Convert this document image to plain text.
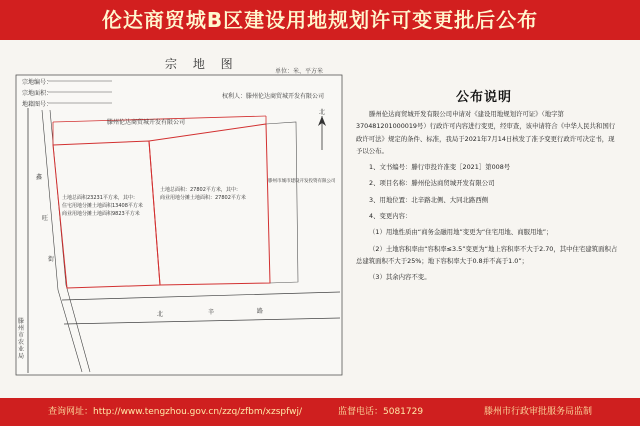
伦达商贸城B区建设用地规划许可变更批后公布
宗 地 图
单位：米、平方米
宗地编号：
宗地面积：
地籍图号：
权利人：滕州伦达商贸城开发有限公司
滕州伦达商贸城开发有限公司
鑫
旺
街
北
北	辛	路
土地总面积23231平方米，其中：
住宅用地分摊土地面积13408平方米
商业用地分摊土地面积9823平方米
土地总面积：27802平方米，其中：
商业用地分摊土地面积：27802平方米
滕州市城市建设开发投资有限公司
滕州市农业局
公布说明

滕州伦达商贸城开发有限公司申请对《建设用地规划许可证》（地字第370481201000019号）行政许可内容进行变更，经审查，该申请符合《中华人民共和国行政许可法》规定的条件、标准，我局于2021年7月14日核发了准予变更行政许可决定书，现予以公布。

1、文书编号：滕行审投许准变［2021］第008号

2、项目名称：滕州伦达商贸城开发有限公司

3、用地位置：北辛路北侧、大同北路西侧

4、变更内容：

（1）用地性质由“商务金融用地”变更为“住宅用地、商服用地”；

（2）土地容积率由“容积率≤3.5”变更为“地上容积率不大于2.70，其中住宅建筑面积占总建筑面积不大于25%；地下容积率大于0.8并不高于1.0”；

（3）其余内容不变。

查询网址：http://www.tengzhou.gov.cn/zzq/zfbm/xzspfwj/	监督电话：5081729	滕州市行政审批服务局监制
